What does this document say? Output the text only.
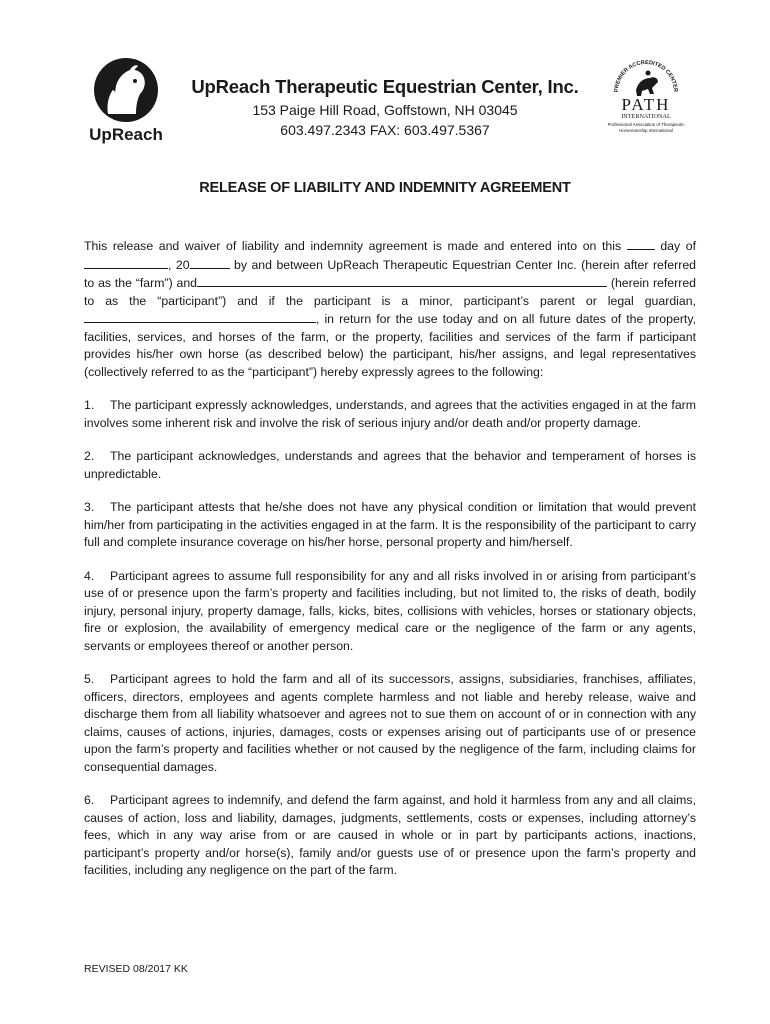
UpReach
UpReach Therapeutic Equestrian Center, Inc.
153 Paige Hill Road, Goffstown, NH 03045
603.497.2343 FAX: 603.497.5367
PREMIER ACCREDITED CENTER
PATH
INTERNATIONAL
Professional Association of Therapeutic
Horsemanship International
RELEASE OF LIABILITY AND INDEMNITY AGREEMENT

This release and waiver of liability and indemnity agreement is made and entered into on this	day of , 20	by and between UpReach Therapeutic Equestrian Center Inc. (herein after referred to as the “farm”) and	(herein referred to as the “participant”) and if the participant is a minor, participant’s parent or legal guardian, , in return for the use today and on all future dates of the property, facilities, services, and horses of the farm, or the property, facilities and services of the farm if participant provides his/her own horse (as described below) the participant, his/her assigns, and legal representatives (collectively referred to as the “participant”) hereby expressly agrees to the following:

1. The participant expressly acknowledges, understands, and agrees that the activities engaged in at the farm involves some inherent risk and involve the risk of serious injury and/or death and/or property damage.

2. The participant acknowledges, understands and agrees that the behavior and temperament of horses is unpredictable.

3. The participant attests that he/she does not have any physical condition or limitation that would prevent him/her from participating in the activities engaged in at the farm. It is the responsibility of the participant to carry full and complete insurance coverage on his/her horse, personal property and him/herself.

4. Participant agrees to assume full responsibility for any and all risks involved in or arising from participant’s use of or presence upon the farm’s property and facilities including, but not limited to, the risks of death, bodily injury, personal injury, property damage, falls, kicks, bites, collisions with vehicles, horses or stationary objects, fire or explosion, the availability of emergency medical care or the negligence of the farm or any agents, servants or employees thereof or another person.

5. Participant agrees to hold the farm and all of its successors, assigns, subsidiaries, franchises, affiliates, officers, directors, employees and agents complete harmless and not liable and hereby release, waive and discharge them from all liability whatsoever and agrees not to sue them on account of or in connection with any claims, causes of actions, injuries, damages, costs or expenses arising out of participants use of or presence upon the farm’s property and facilities whether or not caused by the negligence of the farm, including claims for consequential damages.

6. Participant agrees to indemnify, and defend the farm against, and hold it harmless from any and all claims, causes of action, loss and liability, damages, judgments, settlements, costs or expenses, including attorney’s fees, which in any way arise from or are caused in whole or in part by participants actions, inactions, participant’s property and/or horse(s), family and/or guests use of or presence upon the farm’s property and facilities, including any negligence on the part of the farm.

REVISED 08/2017 KK
